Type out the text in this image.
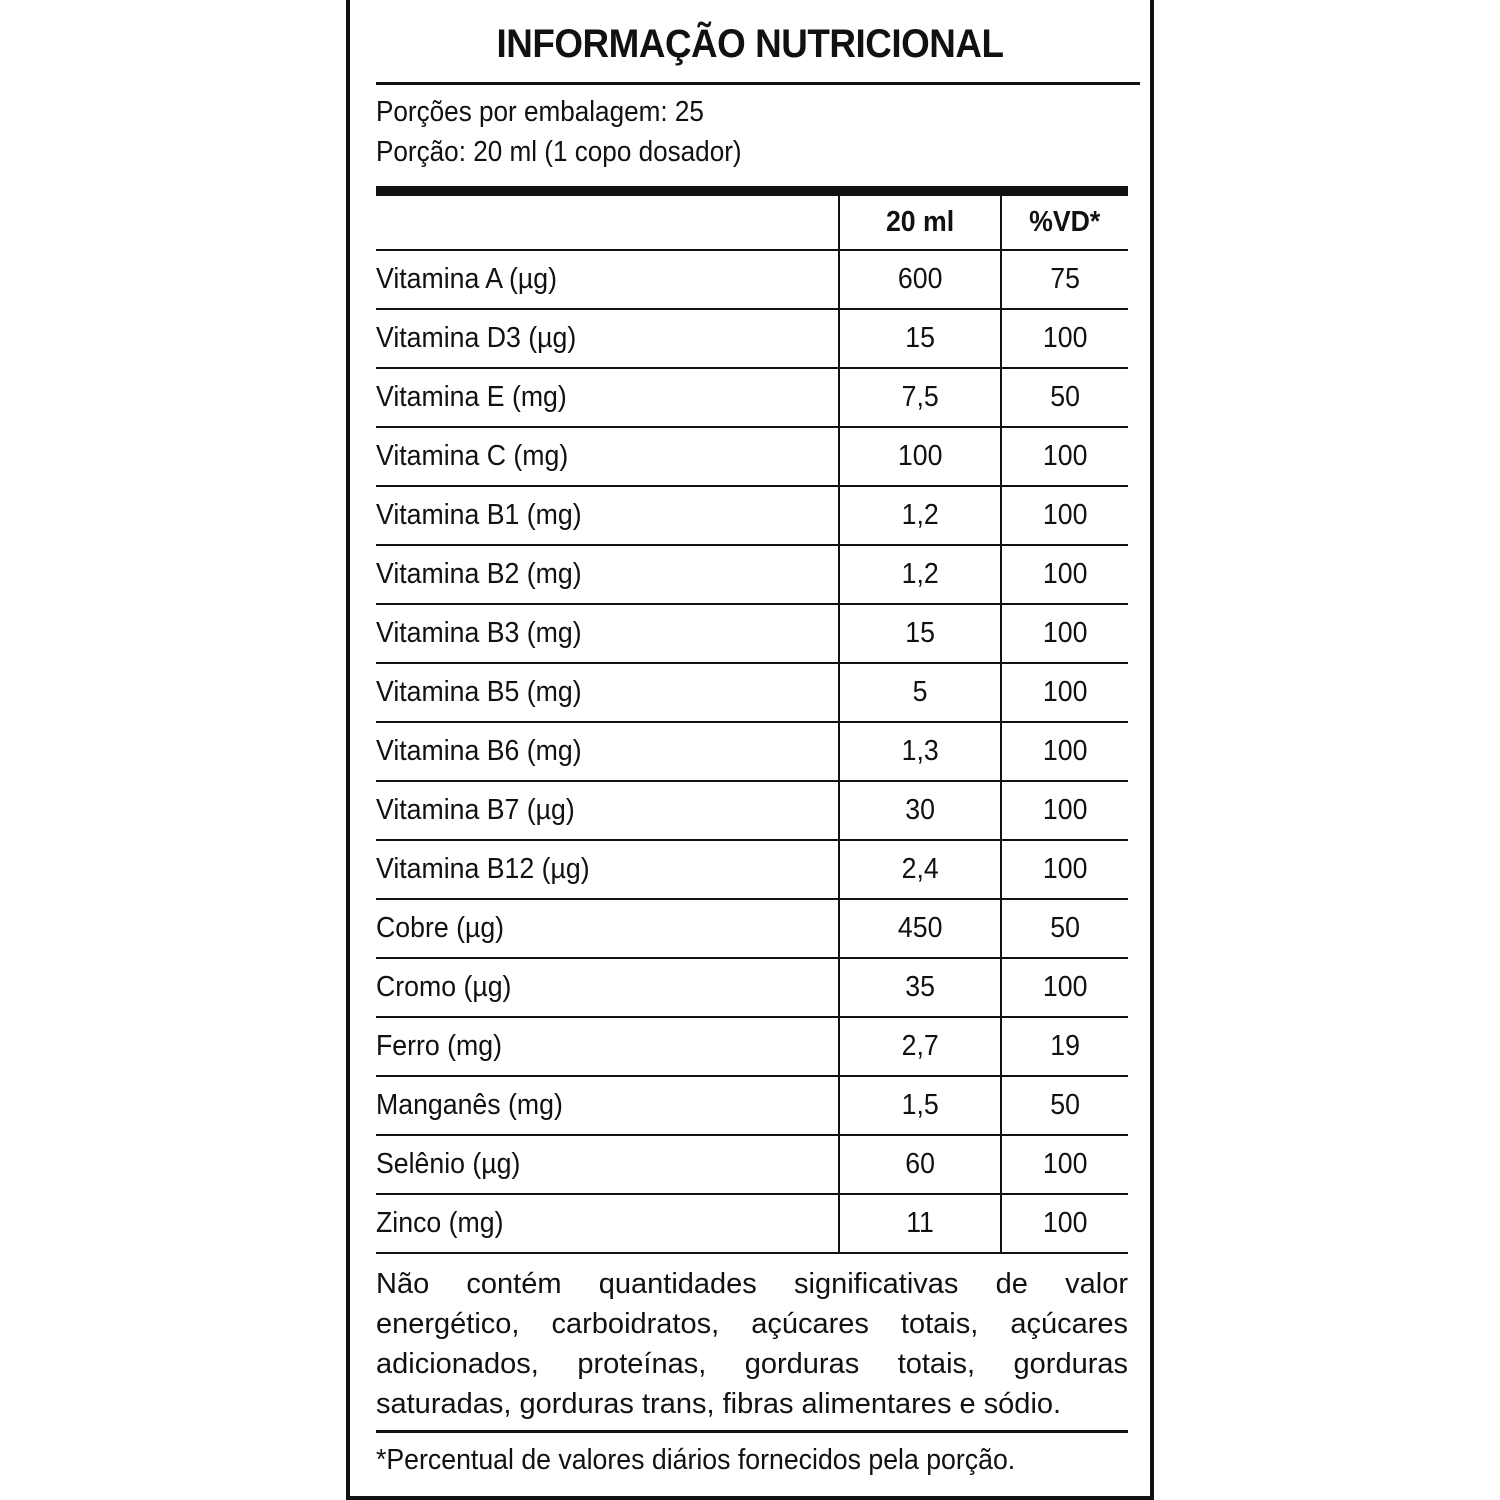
INFORMAÇÃO NUTRICIONAL
Porções por embalagem: 25
Porção: 20 ml (1 copo dosador)
	20 ml	%VD*
Vitamina A (µg)	600	75
Vitamina D3 (µg)	15	100
Vitamina E (mg)	7,5	50
Vitamina C (mg)	100	100
Vitamina B1 (mg)	1,2	100
Vitamina B2 (mg)	1,2	100
Vitamina B3 (mg)	15	100
Vitamina B5 (mg)	5	100
Vitamina B6 (mg)	1,3	100
Vitamina B7 (µg)	30	100
Vitamina B12 (µg)	2,4	100
Cobre (µg)	450	50
Cromo (µg)	35	100
Ferro (mg)	2,7	19
Manganês (mg)	1,5	50
Selênio (µg)	60	100
Zinco (mg)	11	100
Não contém quantidades significativas de valor energético, carboidratos, açúcares totais, açúcares adicionados, proteínas, gorduras totais, gorduras saturadas, gorduras trans, fibras alimentares e sódio.
*Percentual de valores diários fornecidos pela porção.
